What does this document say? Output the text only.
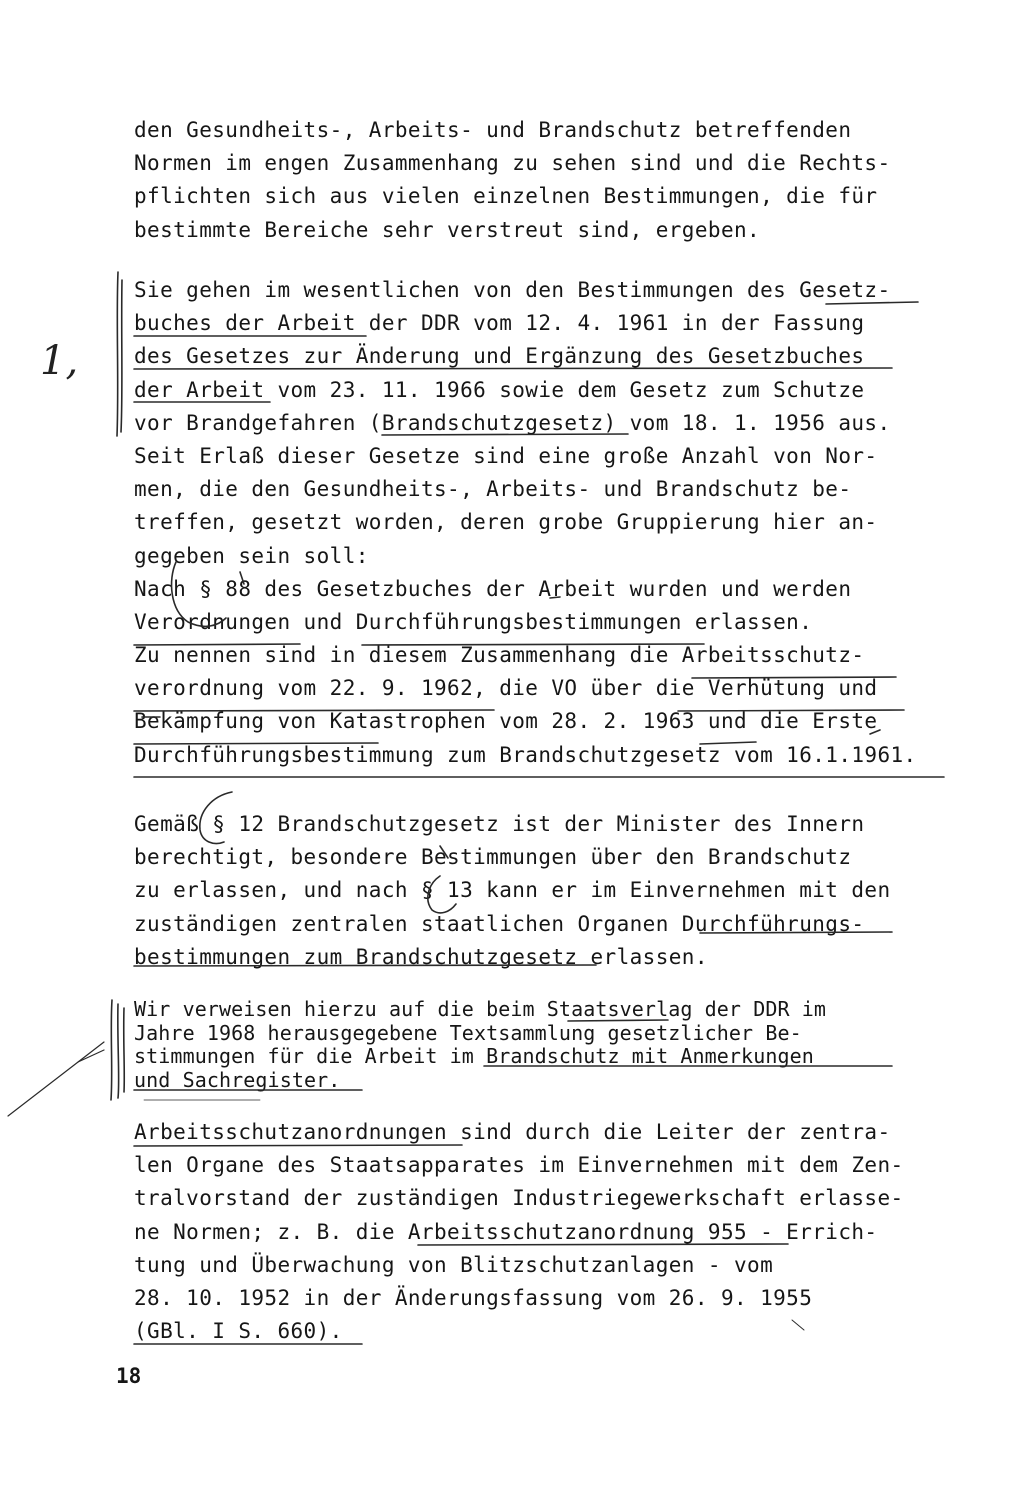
den Gesundheits-, Arbeits- und Brandschutz betreffenden
Normen im engen Zusammenhang zu sehen sind und die Rechts-
pflichten sich aus vielen einzelnen Bestimmungen, die für
bestimmte Bereiche sehr verstreut sind, ergeben.
Sie gehen im wesentlichen von den Bestimmungen des Gesetz-
buches der Arbeit der DDR vom 12. 4. 1961 in der Fassung
des Gesetzes zur Änderung und Ergänzung des Gesetzbuches
der Arbeit vom 23. 11. 1966 sowie dem Gesetz zum Schutze
vor Brandgefahren (Brandschutzgesetz) vom 18. 1. 1956 aus.
Seit Erlaß dieser Gesetze sind eine große Anzahl von Nor-
men, die den Gesundheits-, Arbeits- und Brandschutz be-
treffen, gesetzt worden, deren grobe Gruppierung hier an-
gegeben sein soll:
Nach § 88 des Gesetzbuches der Arbeit wurden und werden
Verordnungen und Durchführungsbestimmungen erlassen.
Zu nennen sind in diesem Zusammenhang die Arbeitsschutz-
verordnung vom 22. 9. 1962, die VO über die Verhütung und
Bekämpfung von Katastrophen vom 28. 2. 1963 und die Erste
Durchführungsbestimmung zum Brandschutzgesetz vom 16.1.1961.
Gemäß § 12 Brandschutzgesetz ist der Minister des Innern
berechtigt, besondere Bestimmungen über den Brandschutz
zu erlassen, und nach § 13 kann er im Einvernehmen mit den
zuständigen zentralen staatlichen Organen Durchführungs-
bestimmungen zum Brandschutzgesetz erlassen.
Wir verweisen hierzu auf die beim Staatsverlag der DDR im
Jahre 1968 herausgegebene Textsammlung gesetzlicher Be-
stimmungen für die Arbeit im Brandschutz mit Anmerkungen
und Sachregister.
Arbeitsschutzanordnungen sind durch die Leiter der zentra-
len Organe des Staatsapparates im Einvernehmen mit dem Zen-
tralvorstand der zuständigen Industriegewerkschaft erlasse-
ne Normen; z. B. die Arbeitsschutzanordnung 955 - Errich-
tung und Überwachung von Blitzschutzanlagen - vom
28. 10. 1952 in der Änderungsfassung vom 26. 9. 1955
(GBl. I S. 660).
1,
18
